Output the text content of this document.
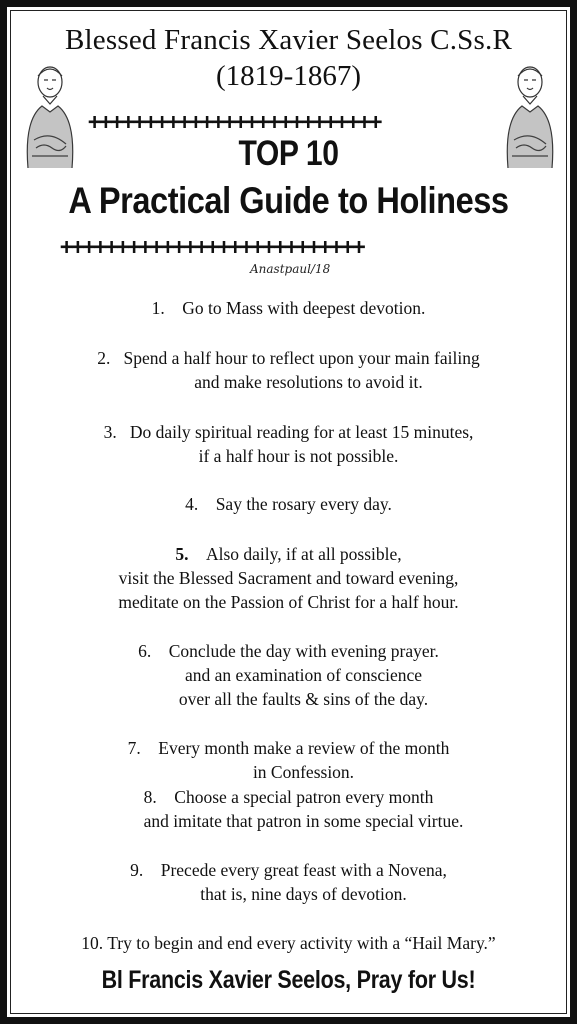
Blessed Francis Xavier Seelos C.Ss.R
(1819-1867)
++++++++++++++++++++++++++
TOP 10
A Practical Guide to Holiness
+++++++++++++++++++++++++++
Anastpaul/18
1. Go to Mass with deepest devotion.
2. Spend a half hour to reflect upon your main failing
and make resolutions to avoid it.
3. Do daily spiritual reading for at least 15 minutes,
if a half hour is not possible.
4. Say the rosary every day.
5. Also daily, if at all possible,
visit the Blessed Sacrament and toward evening,
meditate on the Passion of Christ for a half hour.
6. Conclude the day with evening prayer.
and an examination of conscience
over all the faults & sins of the day.
7. Every month make a review of the month
in Confession.
8. Choose a special patron every month
and imitate that patron in some special virtue.
9. Precede every great feast with a Novena,
that is, nine days of devotion.
10. Try to begin and end every activity with a “Hail Mary.”
Bl Francis Xavier Seelos, Pray for Us!
